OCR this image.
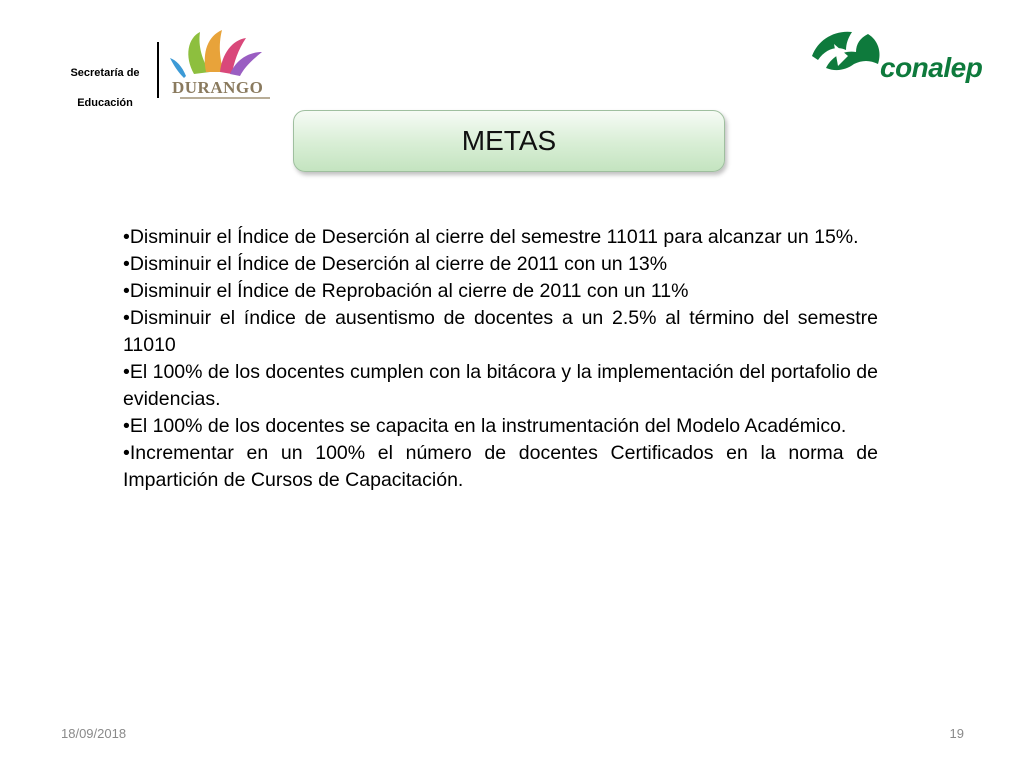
Secretaría de
Educación
DURANGO
conalep
METAS
•Disminuir el Índice de Deserción al cierre del semestre 11011 para alcanzar un 15%.
•Disminuir el Índice de Deserción al cierre de 2011 con un 13%
•Disminuir el Índice de Reprobación al cierre de 2011 con un 11%
•Disminuir el índice de ausentismo de docentes a un 2.5% al término del semestre 11010
•El 100% de los docentes cumplen con la bitácora y la implementación del portafolio de evidencias.
•El 100% de los docentes se capacita en la instrumentación del Modelo Académico.
•Incrementar en un 100% el número de docentes Certificados en la norma de Impartición de Cursos de Capacitación.
18/09/2018	19
